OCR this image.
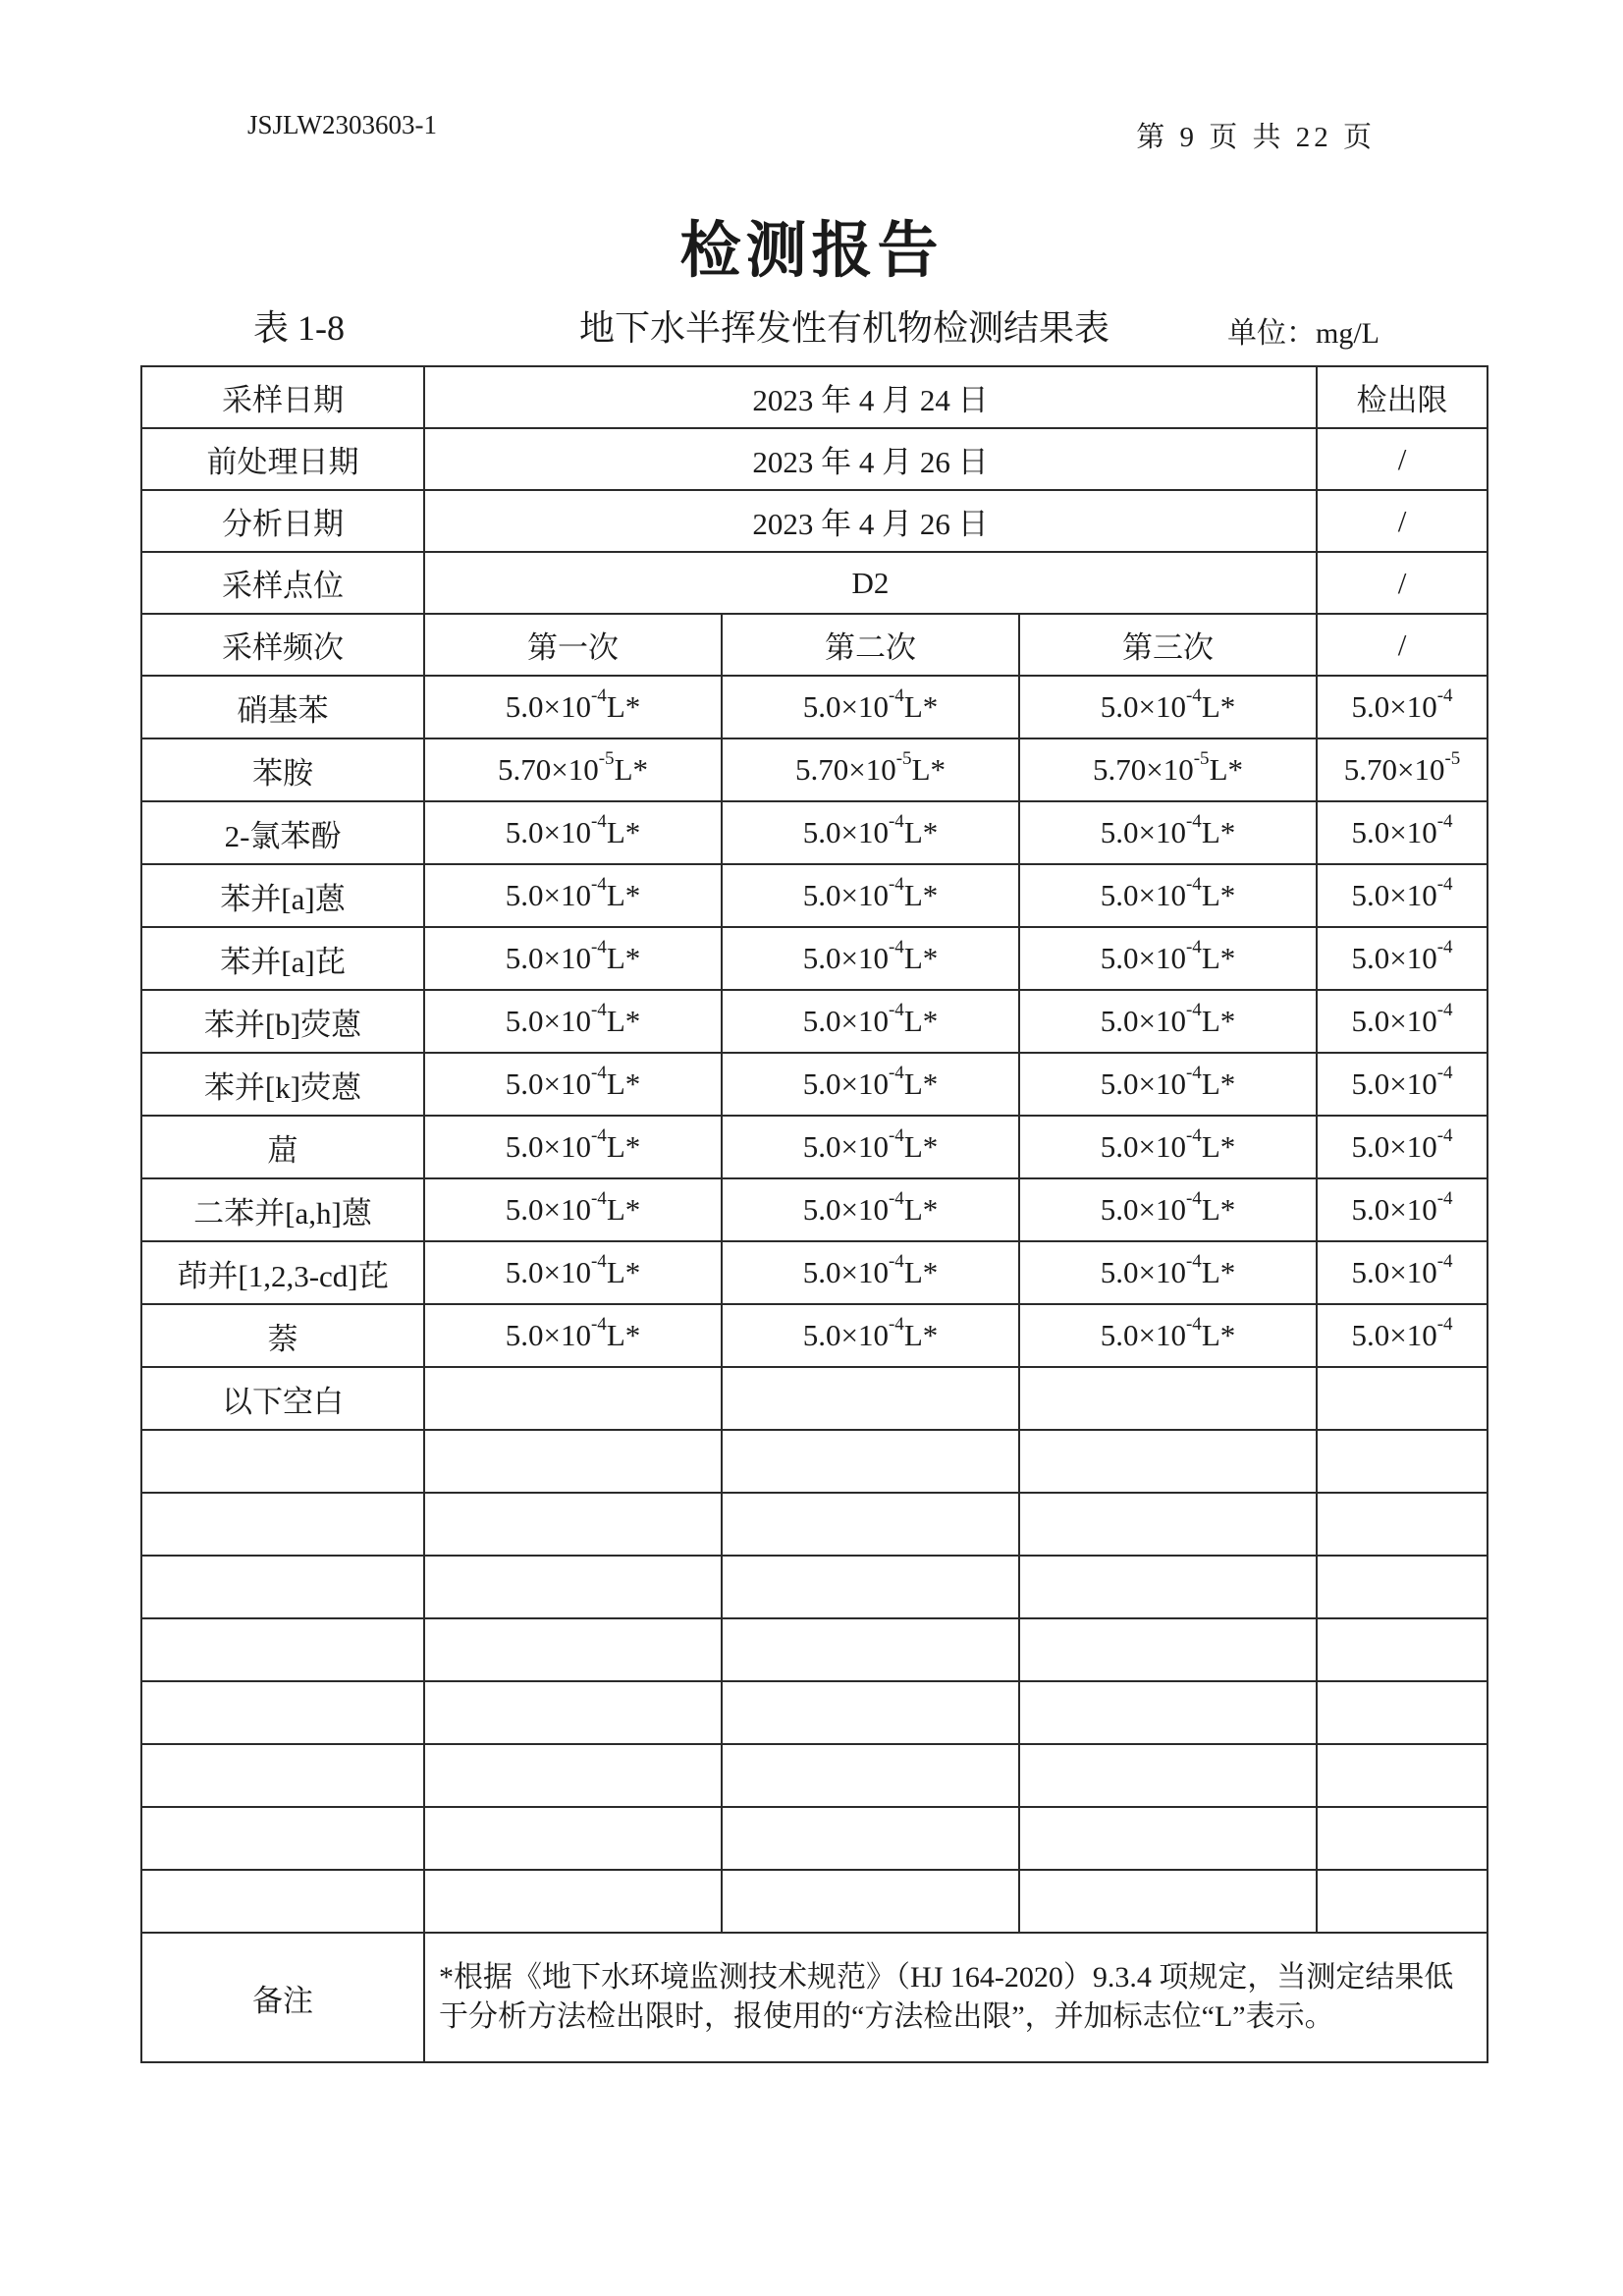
JSJLW2303603-1	第 9 页 共 22 页
检测报告
表 1-8	地下水半挥发性有机物检测结果表	单位：mg/L
采样日期	2023 年 4 月 24 日			检出限
前处理日期	2023 年 4 月 26 日			/
分析日期	2023 年 4 月 26 日			/
采样点位	D2			/
采样频次	第一次	第二次	第三次	/
硝基苯	$5.0\times 10^{-4}L*$	$5.0\times 10^{-4}L*$	$5.0\times 10^{-4}L*$	$5.0\times 10^{-4}$
苯胺	$5.70\times 10^{-5}L*$	$5.70\times 10^{-5}L*$	$5.70\times 10^{-5}L*$	$5.70\times 10^{-5}$
2-氯苯酚	$5.0\times 10^{-4}L*$	$5.0\times 10^{-4}L*$	$5.0\times 10^{-4}L*$	$5.0\times 10^{-4}$
苯并[a]蒽	$5.0\times 10^{-4}L*$	$5.0\times 10^{-4}L*$	$5.0\times 10^{-4}L*$	$5.0\times 10^{-4}$
苯并[a]芘	$5.0\times 10^{-4}L*$	$5.0\times 10^{-4}L*$	$5.0\times 10^{-4}L*$	$5.0\times 10^{-4}$
苯并[b]荧蒽	$5.0\times 10^{-4}L*$	$5.0\times 10^{-4}L*$	$5.0\times 10^{-4}L*$	$5.0\times 10^{-4}$
苯并[k]荧蒽	$5.0\times 10^{-4}L*$	$5.0\times 10^{-4}L*$	$5.0\times 10^{-4}L*$	$5.0\times 10^{-4}$
䓛	$5.0\times 10^{-4}L*$	$5.0\times 10^{-4}L*$	$5.0\times 10^{-4}L*$	$5.0\times 10^{-4}$
二苯并[a,h]蒽	$5.0\times 10^{-4}L*$	$5.0\times 10^{-4}L*$	$5.0\times 10^{-4}L*$	$5.0\times 10^{-4}$
茚并[1,2,3-cd]芘	$5.0\times 10^{-4}L*$	$5.0\times 10^{-4}L*$	$5.0\times 10^{-4}L*$	$5.0\times 10^{-4}$
萘	$5.0\times 10^{-4}L*$	$5.0\times 10^{-4}L*$	$5.0\times 10^{-4}L*$	$5.0\times 10^{-4}$
以下空白				

备注	*根据《地下水环境监测技术规范》（HJ 164-2020）9.3.4 项规定，当测定结果低于分析方法检出限时，报使用的“方法检出限”，并加标志位“L”表示。			
